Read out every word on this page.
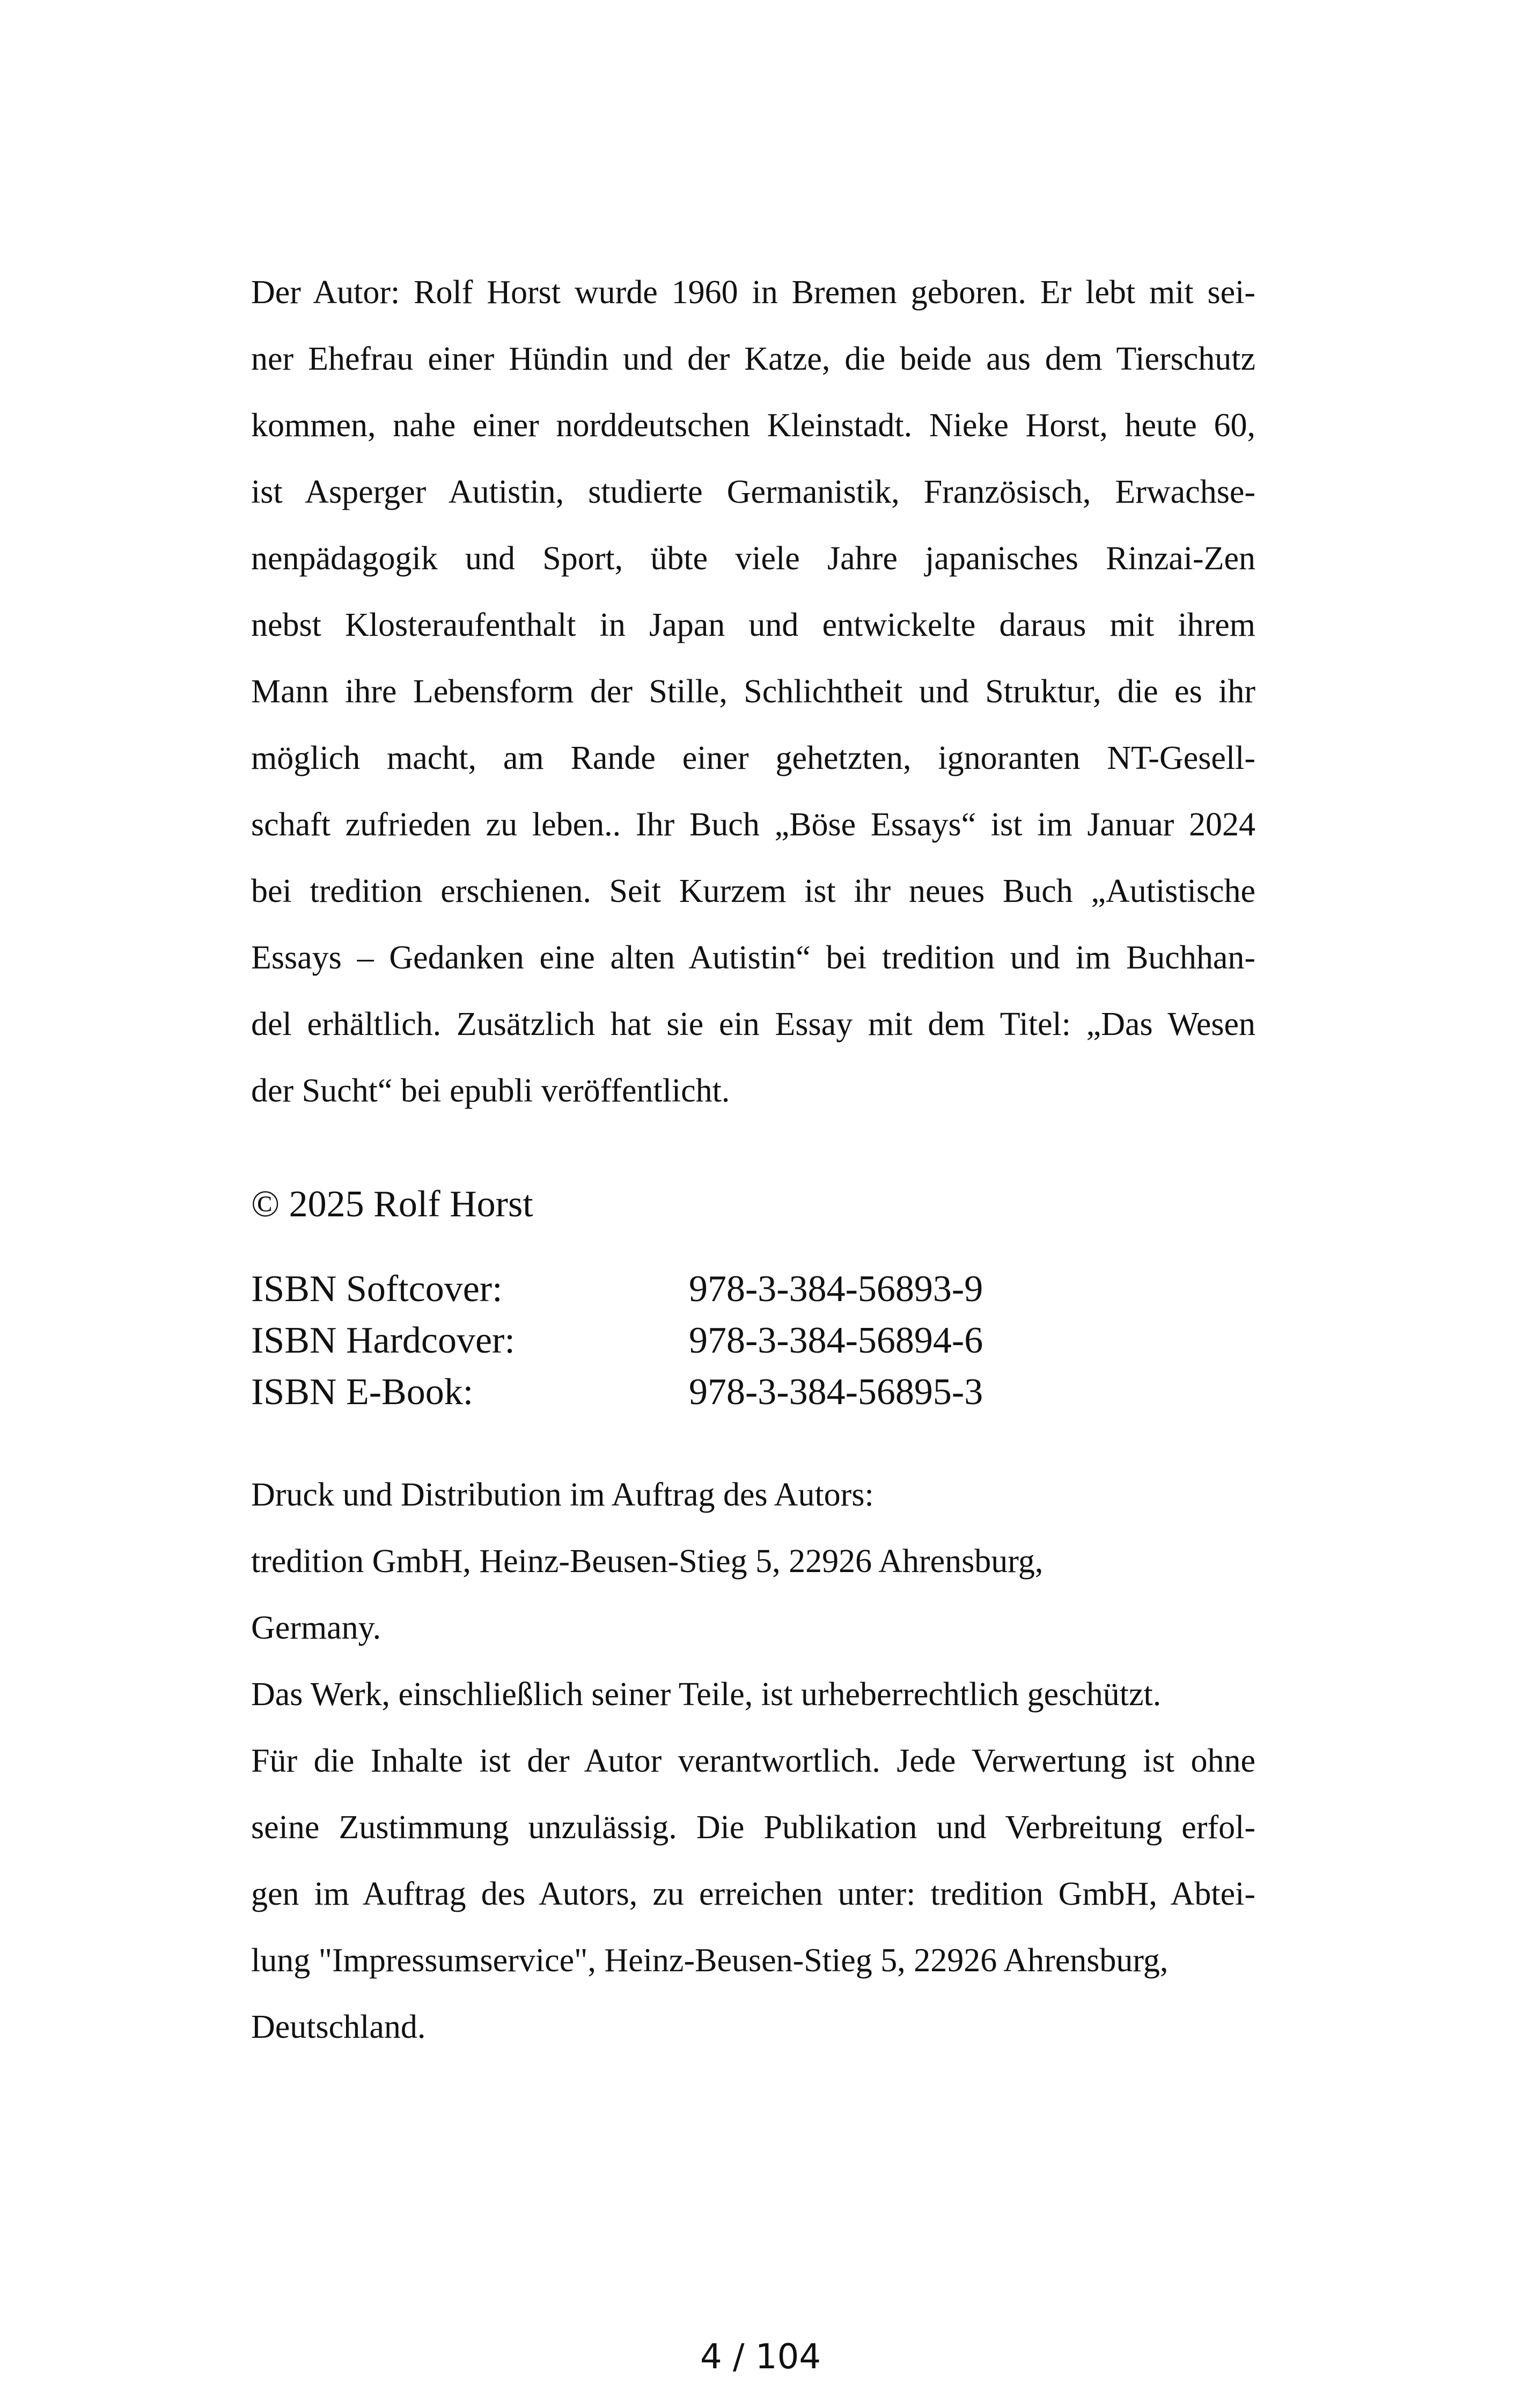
Der Autor: Rolf Horst wurde 1960 in Bremen geboren. Er lebt mit sei-
ner Ehefrau einer Hündin und der Katze, die beide aus dem Tierschutz
kommen, nahe einer norddeutschen Kleinstadt. Nieke Horst, heute 60,
ist Asperger Autistin, studierte Germanistik, Französisch, Erwachse-
nenpädagogik und Sport, übte viele Jahre japanisches Rinzai-Zen
nebst Klosteraufenthalt in Japan und entwickelte daraus mit ihrem
Mann ihre Lebensform der Stille, Schlichtheit und Struktur, die es ihr
möglich macht, am Rande einer gehetzten, ignoranten NT-Gesell-
schaft zufrieden zu leben.. Ihr Buch „Böse Essays“ ist im Januar 2024
bei tredition erschienen. Seit Kurzem ist ihr neues Buch „Autistische
Essays – Gedanken eine alten Autistin“ bei tredition und im Buchhan-
del erhältlich. Zusätzlich hat sie ein Essay mit dem Titel: „Das Wesen
der Sucht“ bei epubli veröffentlicht.
© 2025 Rolf Horst
ISBN Softcover:	978-3-384-56893-9
ISBN Hardcover:	978-3-384-56894-6
ISBN E-Book:	978-3-384-56895-3
Druck und Distribution im Auftrag des Autors:
tredition GmbH, Heinz-Beusen-Stieg 5, 22926 Ahrensburg,
Germany.
Das Werk, einschließlich seiner Teile, ist urheberrechtlich geschützt.
Für die Inhalte ist der Autor verantwortlich. Jede Verwertung ist ohne
seine Zustimmung unzulässig. Die Publikation und Verbreitung erfol-
gen im Auftrag des Autors, zu erreichen unter: tredition GmbH, Abtei-
lung "Impressumservice", Heinz-Beusen-Stieg 5, 22926 Ahrensburg,
Deutschland.
4 / 104
